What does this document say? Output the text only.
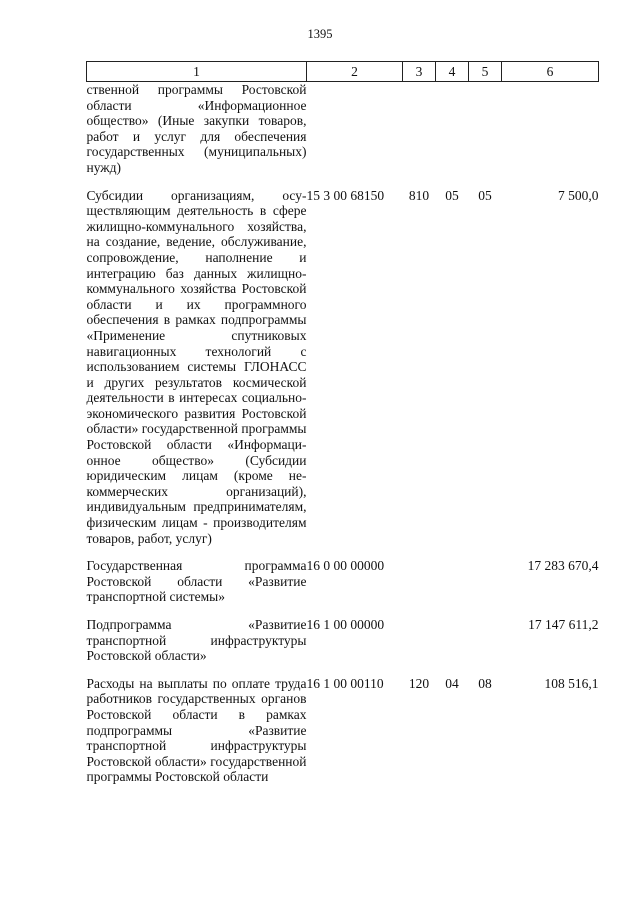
1395
1	2	3	4	5	6
ственной программы Ростовской области «Информационное общество» (Иные закупки товаров, работ и услуг для обеспечения государственных (муниципальных) нужд)					
Субсидии организациям, осуществляющим деятельность в сфере жилищно-коммунального хозяйства, на создание, ведение, обслуживание, сопровождение, наполнение и интеграцию баз данных жилищно-коммунального хозяйства Ростовской области и их программного обеспечения в рамках подпрограммы «Применение спутниковых навигационных технологий с использованием системы ГЛОНАСС и других результатов космической деятельности в интересах социально-экономического развития Ростовской области» государственной программы Ростовской области «Информационное общество» (Субсидии юридическим лицам (кроме некоммерческих организаций), индивидуальным предпринимателям, физическим лицам - производителям товаров, работ, услуг)	15 3 00 68150	810	05	05	7 500,0
Государственная программа Ростовской области «Развитие транспортной системы»	16 0 00 00000				17 283 670,4
Подпрограмма «Развитие транспортной инфраструктуры Ростовской области»	16 1 00 00000				17 147 611,2
Расходы на выплаты по оплате труда работников государственных органов Ростовской области в рамках подпрограммы «Развитие транспортной инфраструктуры Ростовской области» государственной программы Ростовской области	16 1 00 00110	120	04	08	108 516,1
